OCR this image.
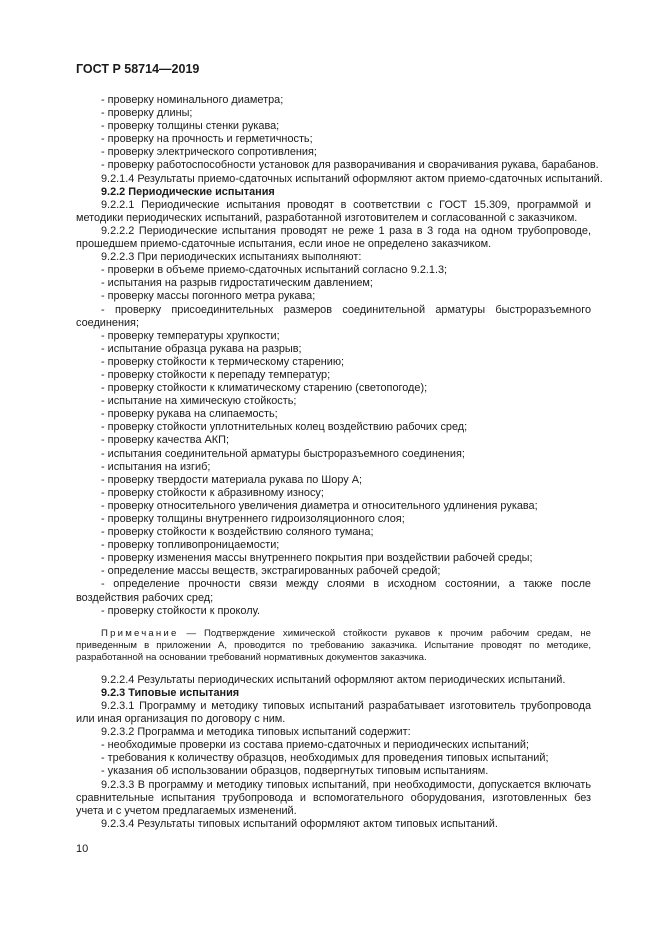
ГОСТ Р 58714—2019
- проверку номинального диаметра;
- проверку длины;
- проверку толщины стенки рукава;
- проверку на прочность и герметичность;
- проверку электрического сопротивления;
- проверку работоспособности установок для разворачивания и сворачивания рукава, барабанов.
9.2.1.4 Результаты приемо-сдаточных испытаний оформляют актом приемо-сдаточных испытаний.
9.2.2 Периодические испытания
9.2.2.1 Периодические испытания проводят в соответствии с ГОСТ 15.309, программой и методики периодических испытаний, разработанной изготовителем и согласованной с заказчиком.
9.2.2.2 Периодические испытания проводят не реже 1 раза в 3 года на одном трубопроводе, прошедшем приемо-сдаточные испытания, если иное не определено заказчиком.
9.2.2.3 При периодических испытаниях выполняют:
- проверки в объеме приемо-сдаточных испытаний согласно 9.2.1.3;
- испытания на разрыв гидростатическим давлением;
- проверку массы погонного метра рукава;
- проверку присоединительных размеров соединительной арматуры быстроразъемного соединения;
- проверку температуры хрупкости;
- испытание образца рукава на разрыв;
- проверку стойкости к термическому старению;
- проверку стойкости к перепаду температур;
- проверку стойкости к климатическому старению (светопогоде);
- испытание на химическую стойкость;
- проверку рукава на слипаемость;
- проверку стойкости уплотнительных колец воздействию рабочих сред;
- проверку качества АКП;
- испытания соединительной арматуры быстроразъемного соединения;
- испытания на изгиб;
- проверку твердости материала рукава по Шору А;
- проверку стойкости к абразивному износу;
- проверку относительного увеличения диаметра и относительного удлинения рукава;
- проверку толщины внутреннего гидроизоляционного слоя;
- проверку стойкости к воздействию соляного тумана;
- проверку топливопроницаемости;
- проверку изменения массы внутреннего покрытия при воздействии рабочей среды;
- определение массы веществ, экстрагированных рабочей средой;
- определение прочности связи между слоями в исходном состоянии, а также после воздействия рабочих сред;
- проверку стойкости к проколу.
Примечание — Подтверждение химической стойкости рукавов к прочим рабочим средам, не приведенным в приложении А, проводится по требованию заказчика. Испытание проводят по методике, разработанной на основании требований нормативных документов заказчика.
9.2.2.4 Результаты периодических испытаний оформляют актом периодических испытаний.
9.2.3 Типовые испытания
9.2.3.1 Программу и методику типовых испытаний разрабатывает изготовитель трубопровода или иная организация по договору с ним.
9.2.3.2 Программа и методика типовых испытаний содержит:
- необходимые проверки из состава приемо-сдаточных и периодических испытаний;
- требования к количеству образцов, необходимых для проведения типовых испытаний;
- указания об использовании образцов, подвергнутых типовым испытаниям.
9.2.3.3 В программу и методику типовых испытаний, при необходимости, допускается включать сравнительные испытания трубопровода и вспомогательного оборудования, изготовленных без учета и с учетом предлагаемых изменений.
9.2.3.4 Результаты типовых испытаний оформляют актом типовых испытаний.
10
